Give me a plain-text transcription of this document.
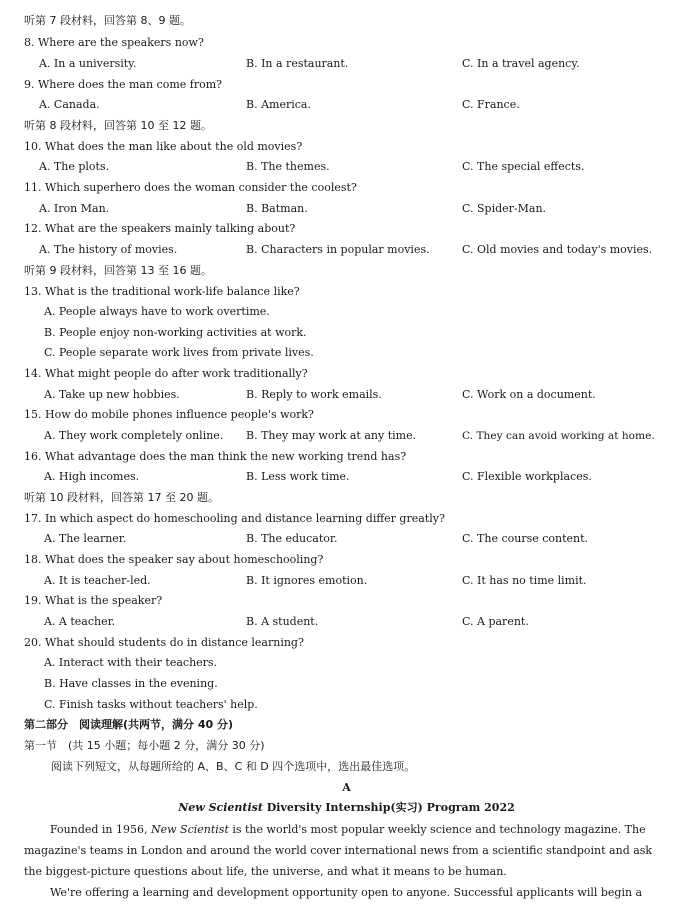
听第 7 段材料，回答第 8、9 题。
8. Where are the speakers now?
A. In a university.	B. In a restaurant.	C. In a travel agency.
9. Where does the man come from?
A. Canada.	B. America.	C. France.
听第 8 段材料，回答第 10 至 12 题。
10. What does the man like about the old movies?
A. The plots.	B. The themes.	C. The special effects.
11. Which superhero does the woman consider the coolest?
A. Iron Man.	B. Batman.	C. Spider-Man.
12. What are the speakers mainly talking about?
A. The history of movies.	B. Characters in popular movies.	C. Old movies and today's movies.
听第 9 段材料，回答第 13 至 16 题。
13. What is the traditional work-life balance like?
A. People always have to work overtime.
B. People enjoy non-working activities at work.
C. People separate work lives from private lives.
14. What might people do after work traditionally?
A. Take up new hobbies.	B. Reply to work emails.	C. Work on a document.
15. How do mobile phones influence people's work?
A. They work completely online. B. They may work at any time.	C. They can avoid working at home.
16. What advantage does the man think the new working trend has?
A. High incomes.	B. Less work time.	C. Flexible workplaces.
听第 10 段材料，回答第 17 至 20 题。
17. In which aspect do homeschooling and distance learning differ greatly?
A. The learner.	B. The educator.	C. The course content.
18. What does the speaker say about homeschooling?
A. It is teacher-led.	B. It ignores emotion.	C. It has no time limit.
19. What is the speaker?
A. A teacher.	B. A student.	C. A parent.
20. What should students do in distance learning?
A. Interact with their teachers.
B. Have classes in the evening.
C. Finish tasks without teachers' help.
第二部分　阅读理解(共两节，满分 40 分)
第一节　(共 15 小题；每小题 2 分，满分 30 分)
阅读下列短文，从每题所给的 A、B、C 和 D 四个选项中，选出最佳选项。
A
New Scientist Diversity Internship(实习) Program 2022
Founded in 1956, New Scientist is the world's most popular weekly science and technology magazine. The
magazine's teams in London and around the world cover international news from a scientific standpoint and ask
the biggest-picture questions about life, the universe, and what it means to be human.
We're offering a learning and development opportunity open to anyone. Successful applicants will begin a
